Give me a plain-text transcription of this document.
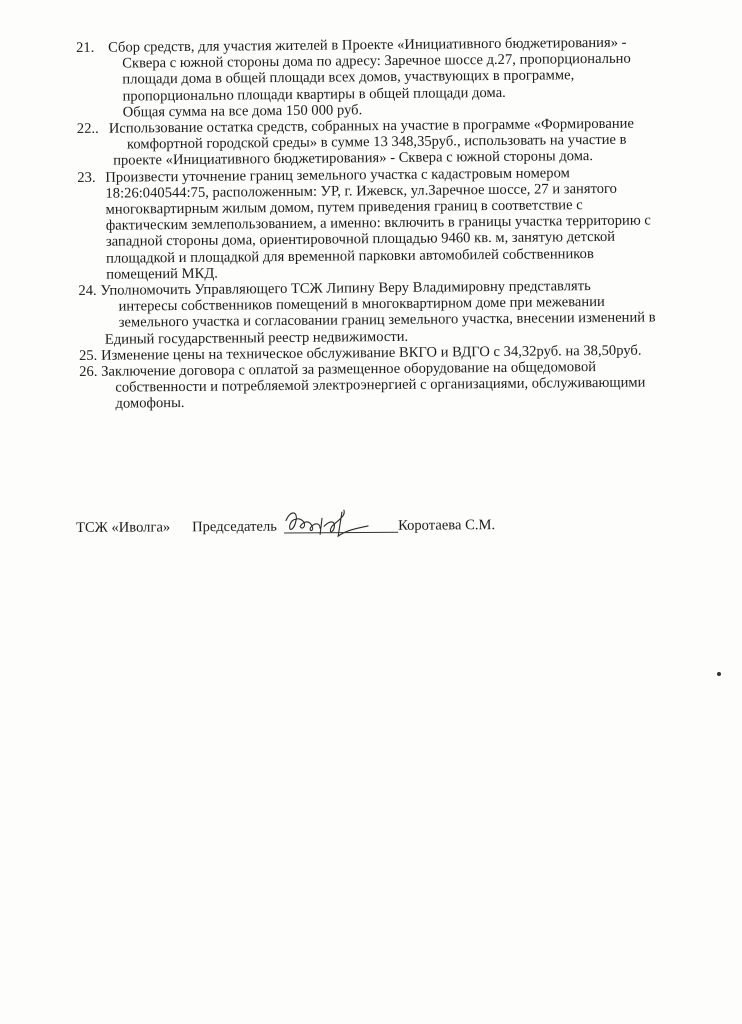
21. Сбор средств, для участия жителей в Проекте «Инициативного бюджетирования» -
Сквера с южной стороны дома по адресу: Заречное шоссе д.27, пропорционально
площади дома в общей площади всех домов, участвующих в программе,
пропорционально площади квартиры в общей площади дома.
Общая сумма на все дома 150 000 руб.
22.. Использование остатка средств, собранных на участие в программе «Формирование
комфортной городской среды» в сумме 13 348,35руб., использовать на участие в
проекте «Инициативного бюджетирования» - Сквера с южной стороны дома.
23. Произвести уточнение границ земельного участка с кадастровым номером
18:26:040544:75, расположенным: УР, г. Ижевск, ул.Заречное шоссе, 27 и занятого
многоквартирным жилым домом, путем приведения границ в соответствие с
фактическим землепользованием, а именно: включить в границы участка территорию с
западной стороны дома, ориентировочной площадью 9460 кв. м, занятую детской
площадкой и площадкой для временной парковки автомобилей собственников
помещений МКД.
24. Уполномочить Управляющего ТСЖ Липину Веру Владимировну представлять
интересы собственников помещений в многоквартирном доме при межевании
земельного участка и согласовании границ земельного участка, внесении изменений в
Единый государственный реестр недвижимости.
25. Изменение цены на техническое обслуживание ВКГО и ВДГО с 34,32руб. на 38,50руб.
26. Заключение договора с оплатой за размещенное оборудование на общедомовой
собственности и потребляемой электроэнергией с организациями, обслуживающими
домофоны.
ТСЖ «Иволга» Председатель	Коротаева С.М.
